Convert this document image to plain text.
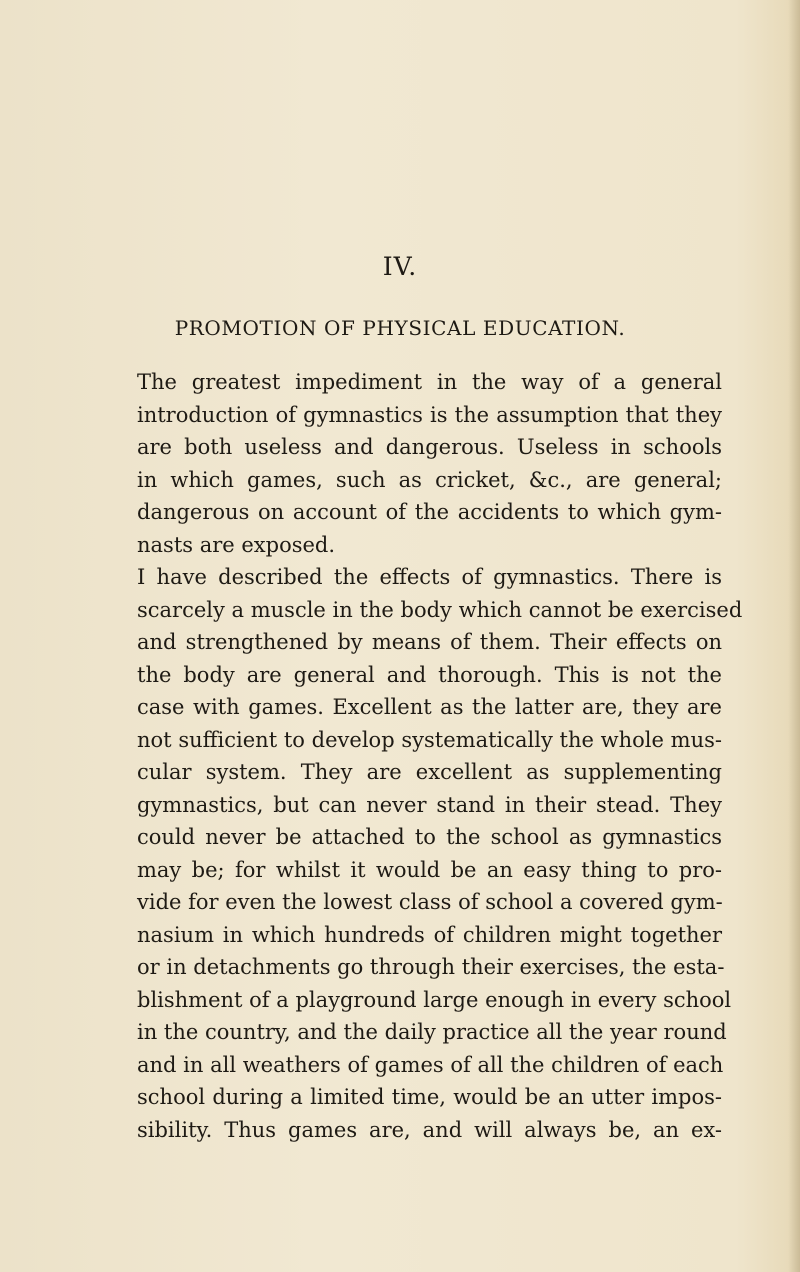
IV.
PROMOTION OF PHYSICAL EDUCATION.
The greatest impediment in the way of a general
introduction of gymnastics is the assumption that they
are both useless and dangerous. Useless in schools
in which games, such as cricket, &c., are general;
dangerous on account of the accidents to which gym-
nasts are exposed.
I have described the effects of gymnastics. There is
scarcely a muscle in the body which cannot be exercised
and strengthened by means of them. Their effects on
the body are general and thorough. This is not the
case with games. Excellent as the latter are, they are
not sufficient to develop systematically the whole mus-
cular system. They are excellent as supplementing
gymnastics, but can never stand in their stead. They
could never be attached to the school as gymnastics
may be; for whilst it would be an easy thing to pro-
vide for even the lowest class of school a covered gym-
nasium in which hundreds of children might together
or in detachments go through their exercises, the esta-
blishment of a playground large enough in every school
in the country, and the daily practice all the year round
and in all weathers of games of all the children of each
school during a limited time, would be an utter impos-
sibility. Thus games are, and will always be, an ex-
